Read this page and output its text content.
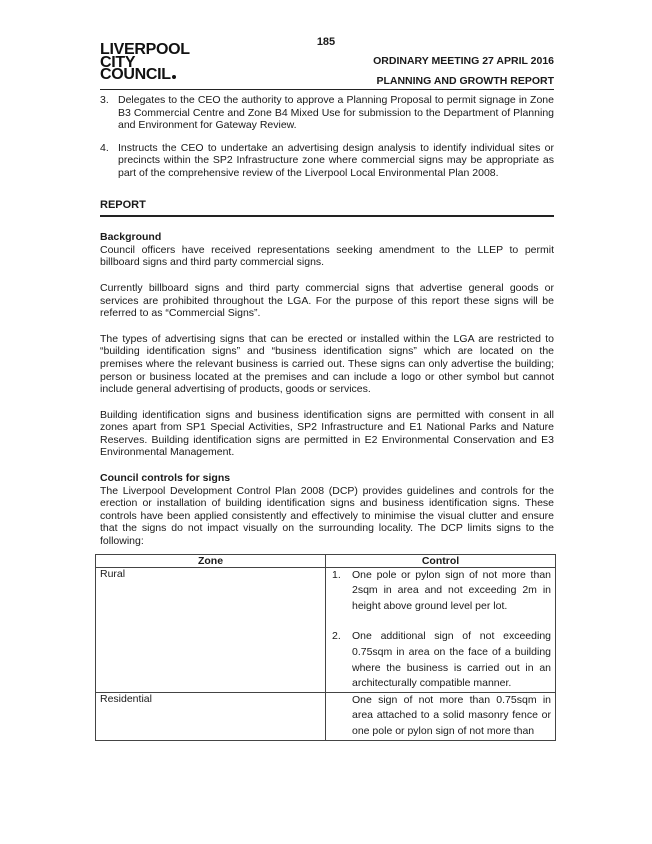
185
LIVERPOOL
CITY
COUNCIL
ORDINARY MEETING 27 APRIL 2016
PLANNING AND GROWTH REPORT
3. Delegates to the CEO the authority to approve a Planning Proposal to permit signage in Zone B3 Commercial Centre and Zone B4 Mixed Use for submission to the Department of Planning and Environment for Gateway Review.
4. Instructs the CEO to undertake an advertising design analysis to identify individual sites or precincts within the SP2 Infrastructure zone where commercial signs may be appropriate as part of the comprehensive review of the Liverpool Local Environmental Plan 2008.
REPORT
Background

Council officers have received representations seeking amendment to the LLEP to permit billboard signs and third party commercial signs.

Currently billboard signs and third party commercial signs that advertise general goods or services are prohibited throughout the LGA. For the purpose of this report these signs will be referred to as “Commercial Signs”.

The types of advertising signs that can be erected or installed within the LGA are restricted to “building identification signs” and “business identification signs” which are located on the premises where the relevant business is carried out. These signs can only advertise the building; person or business located at the premises and can include a logo or other symbol but cannot include general advertising of products, goods or services.

Building identification signs and business identification signs are permitted with consent in all zones apart from SP1 Special Activities, SP2 Infrastructure and E1 National Parks and Nature Reserves. Building identification signs are permitted in E2 Environmental Conservation and E3 Environmental Management.

Council controls for signs

The Liverpool Development Control Plan 2008 (DCP) provides guidelines and controls for the erection or installation of building identification signs and business identification signs. These controls have been applied consistently and effectively to minimise the visual clutter and ensure that the signs do not impact visually on the surrounding locality. The DCP limits signs to the following:

Zone	Control
Rural	1. One pole or pylon sign of not more than 2sqm in area and not exceeding 2m in height above ground level per lot.
2. One additional sign of not exceeding 0.75sqm in area on the face of a building where the business is carried out in an architecturally compatible manner.

Residential	One sign of not more than 0.75sqm in area attached to a solid masonry fence or one pole or pylon sign of not more than
